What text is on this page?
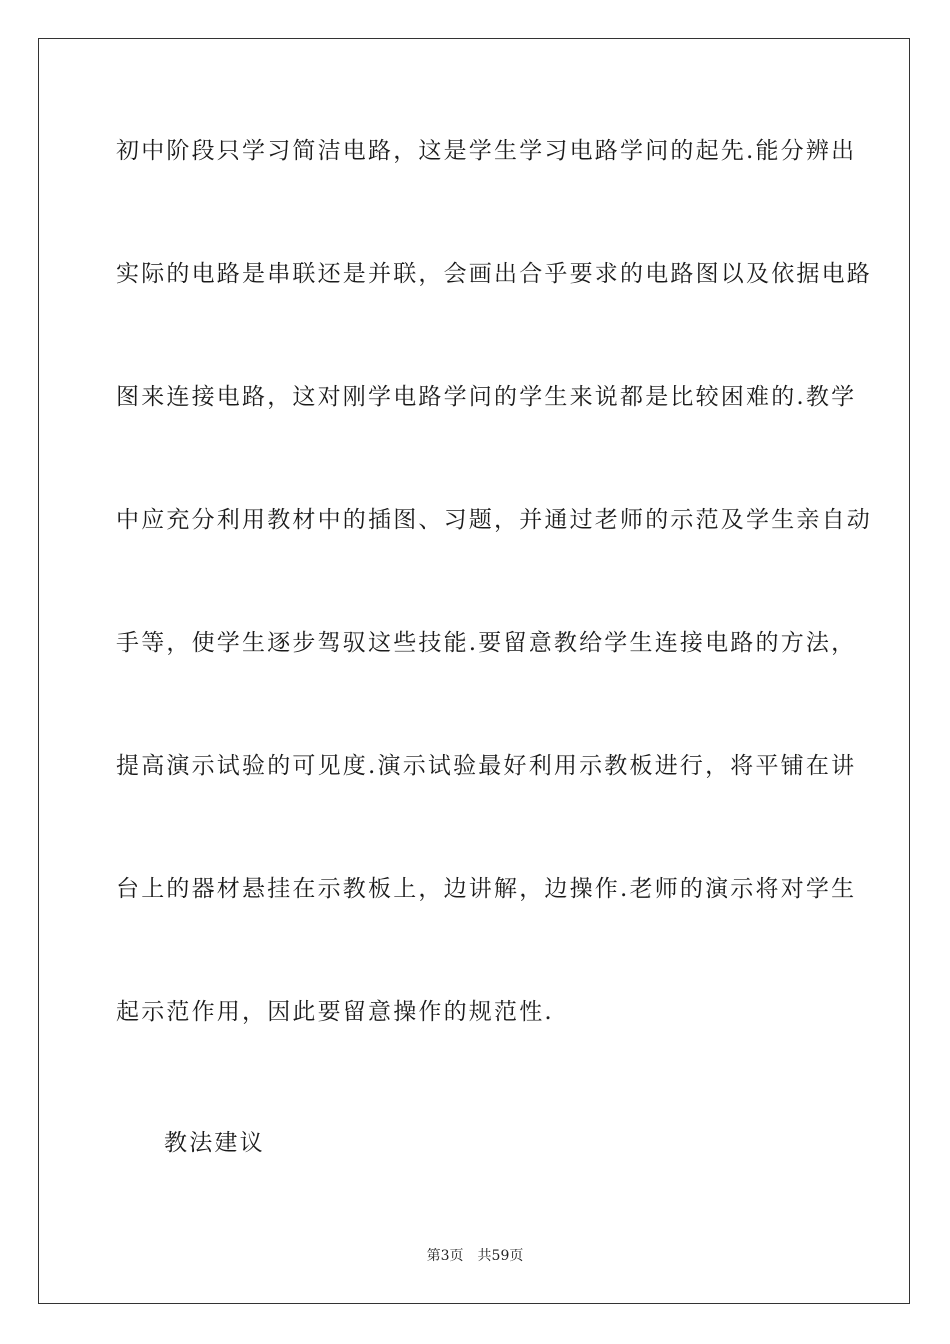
初中阶段只学习简洁电路，这是学生学习电路学问的起先.能分辨出
实际的电路是串联还是并联，会画出合乎要求的电路图以及依据电路
图来连接电路，这对刚学电路学问的学生来说都是比较困难的.教学
中应充分利用教材中的插图、习题，并通过老师的示范及学生亲自动
手等，使学生逐步驾驭这些技能.要留意教给学生连接电路的方法，
提高演示试验的可见度.演示试验最好利用示教板进行，将平铺在讲
台上的器材悬挂在示教板上，边讲解，边操作.老师的演示将对学生
起示范作用，因此要留意操作的规范性.
教法建议
第3页 共59页
